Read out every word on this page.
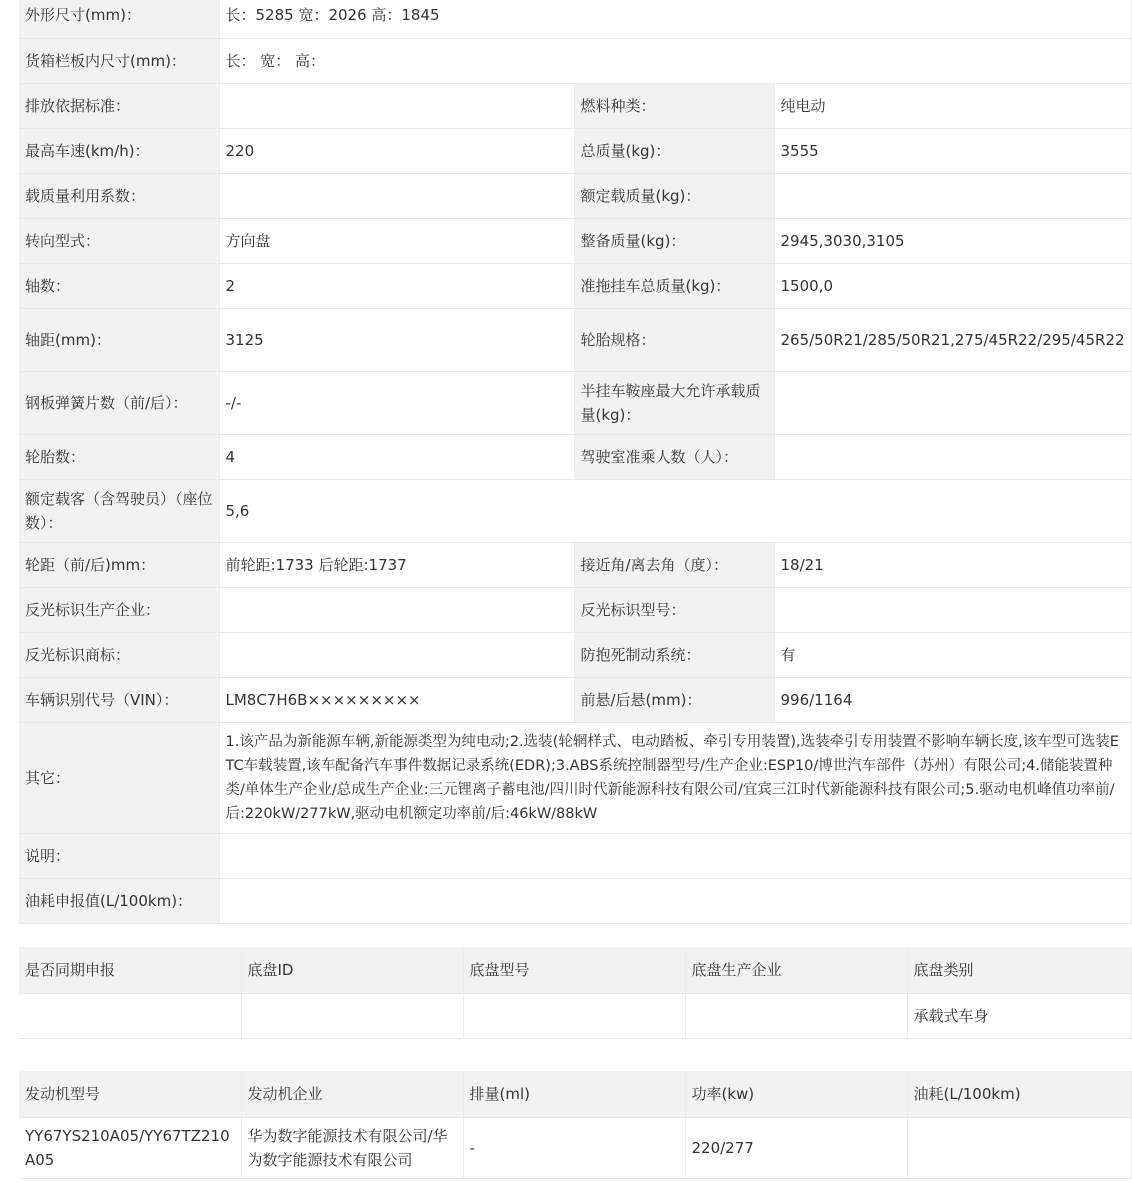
外形尺寸(mm)：	长：5285 宽：2026 高：1845		
货箱栏板内尺寸(mm)：	长： 宽： 高：		
排放依据标准：		燃料种类：	纯电动
最高车速(km/h)：	220	总质量(kg)：	3555
载质量利用系数：		额定载质量(kg)：	
转向型式：	方向盘	整备质量(kg)：	2945,3030,3105
轴数：	2	准拖挂车总质量(kg)：	1500,0
轴距(mm)：	3125	轮胎规格：	265/50R21/285/50R21,275/45R22/295/45R22
钢板弹簧片数（前/后）：	-/-	半挂车鞍座最大允许承载质量(kg)：	
轮胎数：	4	驾驶室准乘人数（人）：	
额定载客（含驾驶员）（座位数）：	5,6		
轮距（前/后)mm：	前轮距:1733 后轮距:1737	接近角/离去角（度）：	18/21
反光标识生产企业：		反光标识型号：	
反光标识商标：		防抱死制动系统：	有
车辆识别代号（VIN）：	LM8C7H6B×××××××××	前悬/后悬(mm)：	996/1164
其它：	1.该产品为新能源车辆,新能源类型为纯电动;2.选装(轮辋样式、电动踏板、牵引专用装置),选装牵引专用装置不影响车辆长度,该车型可选装ETC车载装置,该车配备汽车事件数据记录系统(EDR);3.ABS系统控制器型号/生产企业:ESP10/博世汽车部件（苏州）有限公司;4.储能装置种类/单体生产企业/总成生产企业:三元锂离子蓄电池/四川时代新能源科技有限公司/宜宾三江时代新能源科技有限公司;5.驱动电机峰值功率前/后:220kW/277kW,驱动电机额定功率前/后:46kW/88kW		
说明：			
油耗申报值(L/100km)：			
是否同期申报	底盘ID	底盘型号	底盘生产企业	底盘类别
				承载式车身
发动机型号	发动机企业	排量(ml)	功率(kw)	油耗(L/100km)
YY67YS210A05/YY67TZ210A05	华为数字能源技术有限公司/华为数字能源技术有限公司	-	220/277	
